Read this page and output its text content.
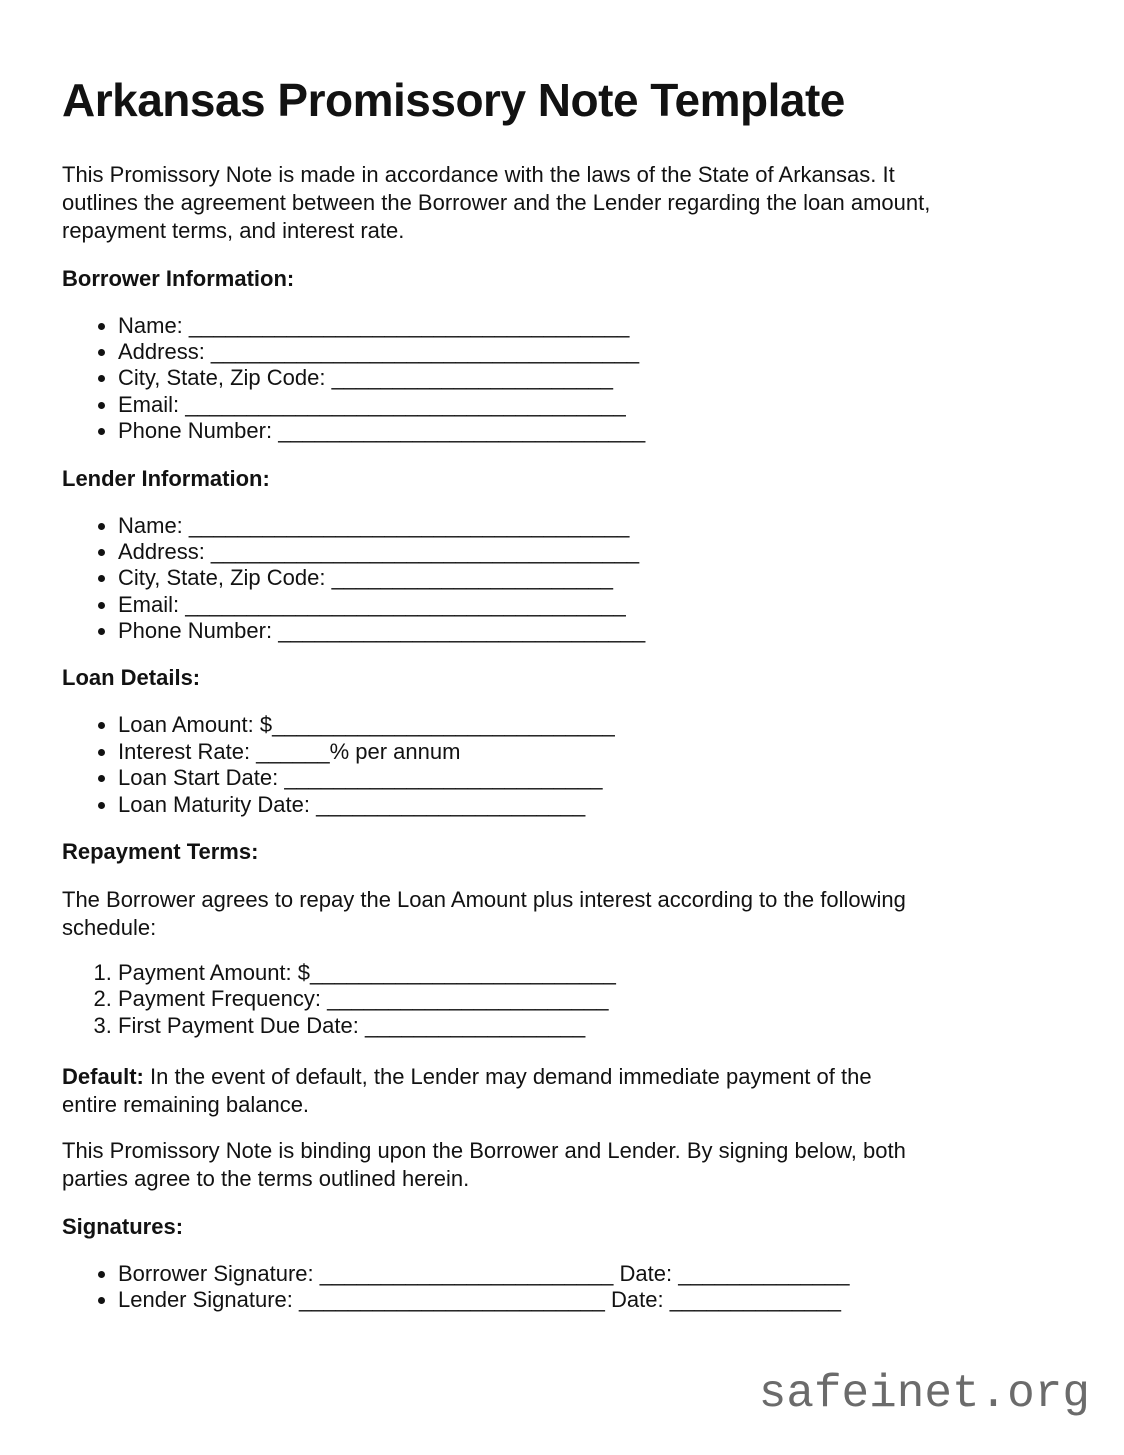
Arkansas Promissory Note Template

This Promissory Note is made in accordance with the laws of the State of Arkansas. It outlines the agreement between the Borrower and the Lender regarding the loan amount, repayment terms, and interest rate.

Borrower Information:
• Name: ____________________________________
• Address: ___________________________________
• City, State, Zip Code: _______________________
• Email: ____________________________________
• Phone Number: ______________________________
Lender Information:
• Name: ____________________________________
• Address: ___________________________________
• City, State, Zip Code: _______________________
• Email: ____________________________________
• Phone Number: ______________________________
Loan Details:
• Loan Amount: $____________________________
• Interest Rate: ______% per annum
• Loan Start Date: __________________________
• Loan Maturity Date: ______________________
Repayment Terms:

The Borrower agrees to repay the Loan Amount plus interest according to the following schedule:

1. Payment Amount: $_________________________
2. Payment Frequency: _______________________
3. First Payment Due Date: __________________

Default: In the event of default, the Lender may demand immediate payment of the entire remaining balance.

This Promissory Note is binding upon the Borrower and Lender. By signing below, both parties agree to the terms outlined herein.

Signatures:
• Borrower Signature: ________________________ Date: ______________
• Lender Signature: _________________________ Date: ______________
safeinet.org
